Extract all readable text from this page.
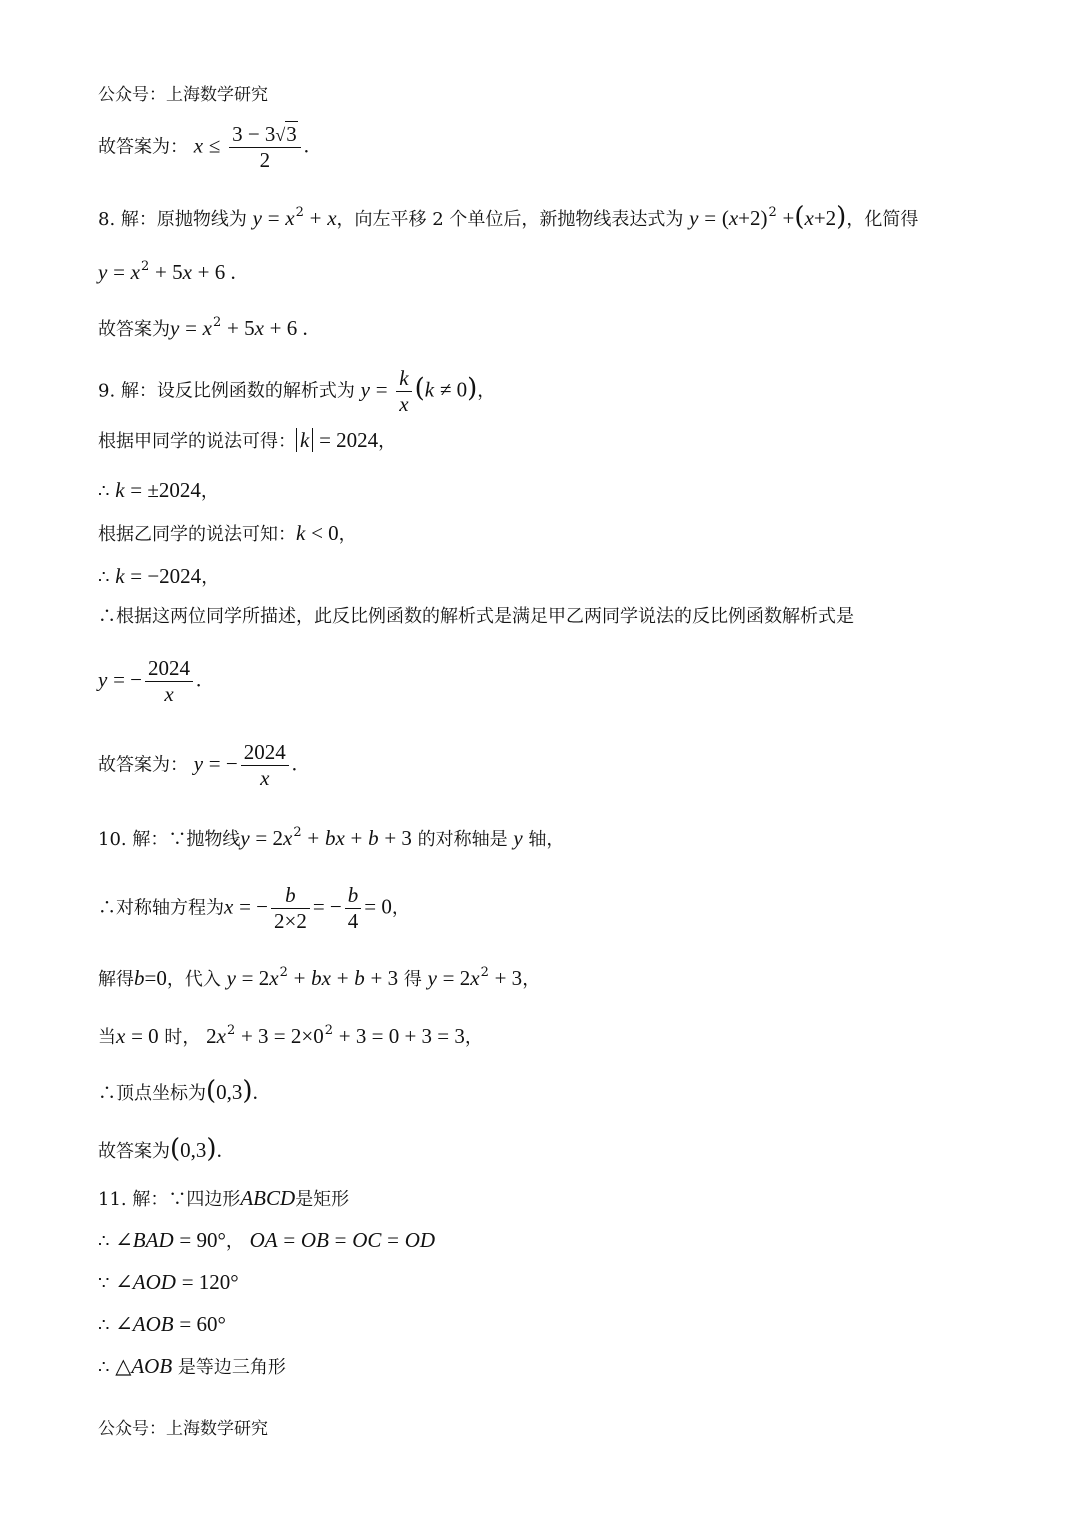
公众号：上海数学研究
故答案为： $x \le \frac{3 - 3√3}{2}$ .
8. 解：原抛物线为 $y = x^2 + x$，向左平移 2 个单位后，新抛物线表达式为 $y = (x+2)^2 +(x+2)$，化简得
$y = x^2 + 5x + 6$ .
故答案为$y = x^2 + 5x + 6$ .
9. 解：设反比例函数的解析式为 $y = \frac{k}{x} (k \ne 0)$，
根据甲同学的说法可得： k = 2024，
∴ k = ±2024，
根据乙同学的说法可知：k < 0，
∴ k = −2024，
∴根据这两位同学所描述，此反比例函数的解析式是满足甲乙两同学说法的反比例函数解析式是
y = − $\frac{2024}{x}$ .
故答案为： y = − $\frac{2024}{x}$ .
10. 解：∵抛物线$y = 2x^2$ + bx + b + 3 的对称轴是 y 轴，
∴对称轴方程为x = − $\frac{b}{2\times 2}$ = − $\frac{b}{4} = 0$，
解得b=0，代入 $y = 2x^2$ + bx + b + 3 得 $y = 2x^2 + 3$，
当x = 0 时， $2x^2 + 3 = 2\times 0^2 + 3 = 0 + 3 = 3$，
∴顶点坐标为(0,3).
故答案为(0,3).
11. 解：∵四边形ABCD是矩形
∴ ∠BAD = 90°， OA = OB = OC = OD
∵ ∠AOD = 120°
∴ ∠AOB = 60°
∴ △AOB 是等边三角形
公众号：上海数学研究
